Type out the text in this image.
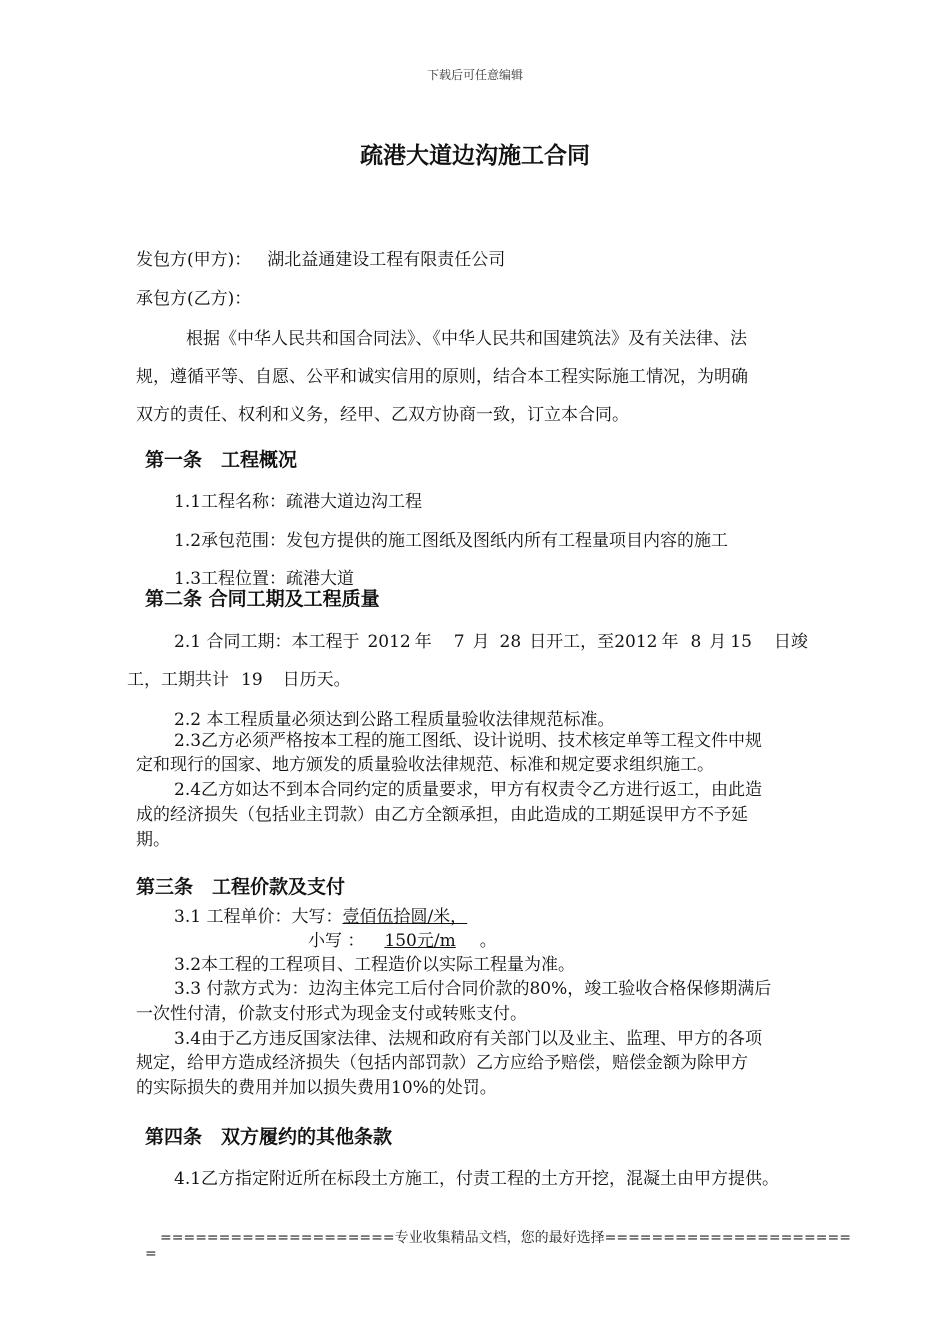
下载后可任意编辑
疏港大道边沟施工合同
发包方(甲方)： 湖北益通建设工程有限责任公司
承包方(乙方)：
根据《中华人民共和国合同法》、《中华人民共和国建筑法》及有关法律、法
规，遵循平等、自愿、公平和诚实信用的原则，结合本工程实际施工情况，为明确
双方的责任、权利和义务，经甲、乙双方协商一致，订立本合同。
第一条　工程概况
1.1工程名称：疏港大道边沟工程
1.2承包范围：发包方提供的施工图纸及图纸内所有工程量项目内容的施工
1.3工程位置：疏港大道
第二条 合同工期及工程质量
2.1 合同工期：本工程于 2012 年 7 月 28 日开工，至2012 年 8 月 15 日竣
工，工期共计 19 日历天。
2.2 本工程质量必须达到公路工程质量验收法律规范标准。
2.3乙方必须严格按本工程的施工图纸、设计说明、技术核定单等工程文件中规
定和现行的国家、地方颁发的质量验收法律规范、标准和规定要求组织施工。
2.4乙方如达不到本合同约定的质量要求，甲方有权责令乙方进行返工，由此造
成的经济损失（包括业主罚款）由乙方全额承担，由此造成的工期延误甲方不予延
期。
第三条　工程价款及支付
3.1 工程单价：大写：壹佰伍拾圆/米，
小写 ： 150元/m 。
3.2本工程的工程项目、工程造价以实际工程量为准。
3.3 付款方式为：边沟主体完工后付合同价款的80%，竣工验收合格保修期满后
一次性付清，价款支付形式为现金支付或转账支付。
3.4由于乙方违反国家法律、法规和政府有关部门以及业主、监理、甲方的各项
规定，给甲方造成经济损失（包括内部罚款）乙方应给予赔偿，赔偿金额为除甲方
的实际损失的费用并加以损失费用10%的处罚。
第四条　双方履约的其他条款
4.1乙方指定附近所在标段土方施工，付责工程的土方开挖，混凝土由甲方提供。
====================专业收集精品文档，您的最好选择=====================
=
